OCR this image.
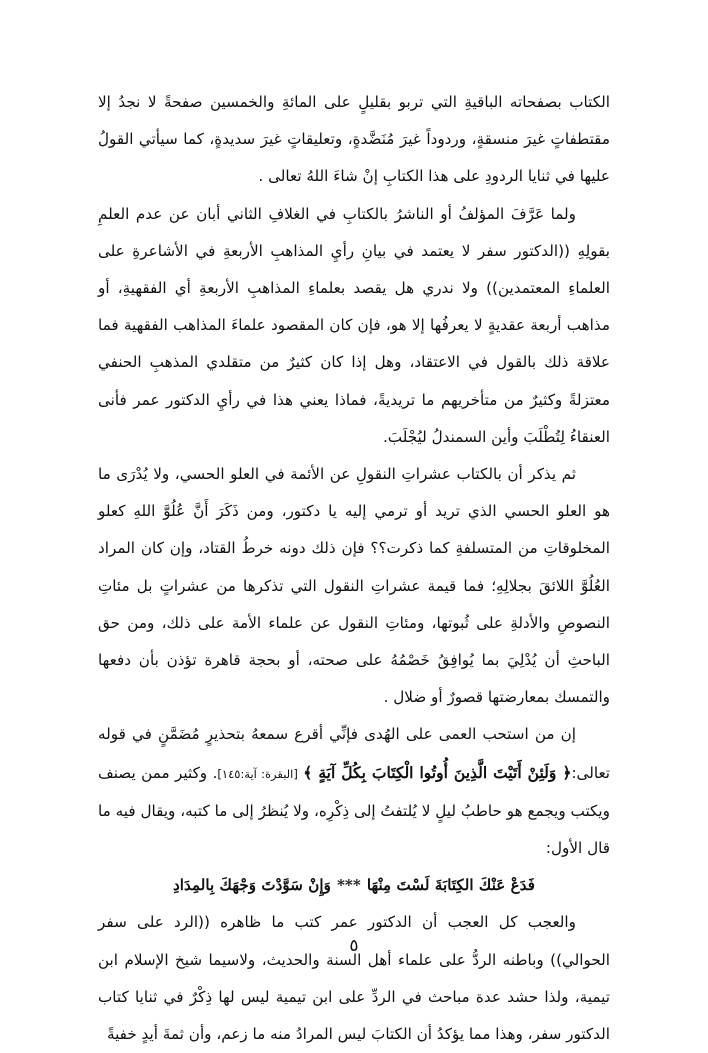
الكتاب بصفحاته الباقيةِ التي تربو بقليلٍ على المائةِ والخمسين صفحةً لا نجدُ إلا مقتطفاتٍ غيرَ منسقةٍ، وردوداً غيرَ مُنَضَّدةٍ، وتعليقاتٍ غيرَ سديدةٍ، كما سيأتي القولُ عليها في ثنايا الردودِ على هذا الكتابِ إنْ شاءَ اللهُ تعالى .

ولما عَرَّفَ المؤلفُ أو الناشرُ بالكتابِ في الغلافِ الثاني أبان عن عدم العلمِ بقولِهِ ((الدكتور سفر لا يعتمد في بيانِ رأيِ المذاهبِ الأربعةِ في الأشاعرةِ على العلماءِ المعتمدين)) ولا ندري هل يقصد بعلماءِ المذاهبِ الأربعةِ أي الفقهيةِ، أو مذاهب أربعة عقديةٍ لا يعرفُها إلا هو، فإن كان المقصود علماءَ المذاهب الفقهية فما علاقة ذلك بالقول في الاعتقاد، وهل إذا كان كثيرٌ من متقلدي المذهبِ الحنفي معتزلةً وكثيرٌ من متأخريهم ما تريديةً، فماذا يعني هذا في رأيِ الدكتور عمر فأنى العنقاءُ لِتُطْلَبَ وأين السمندلُ ليُجْلَبَ.

ثم يذكر أن بالكتاب عشراتِ النقولِ عن الأئمة في العلو الحسي، ولا يُدْرَى ما هو العلو الحسي الذي تريد أو ترمي إليه يا دكتور، ومن ذَكَرَ أَنَّ عُلُوَّ اللهِ كعلو المخلوقاتِ من المتسلفةِ كما ذكرت؟؟ فإن ذلك دونه خرطُ القتاد، وإن كان المراد العُلُوَّ اللائقَ بجلالِهِ؛ فما قيمة عشراتِ النقول التي تذكرها من عشراتٍ بل مئاتِ النصوصِ والأدلةِ على ثُبوتها، ومئاتِ النقول عن علماء الأمة على ذلك، ومن حق الباحثِ أن يُدْلِيَ بما يُوافِقُ خَصْمُهُ على صحته، أو بحجة قاهرة تؤذن بأن دفعها والتمسك بمعارضتها قصورٌ أو ضلال .

إن من استحب العمى على الهُدى فإنِّي أقرع سمعهُ بتحذيرٍ مُضَمَّنٍ في قوله تعالى:﴿ وَلَئِنْ أَتَيْتَ الَّذِينَ أُوتُوا الْكِتَابَ بِكُلِّ آيَةٍ ﴾ [البقرة: آية:١٤٥]. وكثير ممن يصنف ويكتب ويجمع هو حاطبُ ليلٍ لا يُلتفتُ إلى ذِكْرِه، ولا يُنظرُ إلى ما كتبه، ويقال فيه ما قال الأول:

فَدَعْ عَنْكَ الكِتَابَةَ لَسْتَ مِنْهَا***وَإِنْ سَوَّدْتَ وَجْهَكَ بِالمِدَادِ

والعجب كل العجب أن الدكتور عمر كتب ما ظاهره ((الرد على سفر الحوالي)) وباطنه الردُّ على علماء أهل السنة والحديث، ولاسيما شيخ الإسلام ابن تيمية، ولذا حشد عدة مباحث في الردِّ على ابن تيمية ليس لها ذِكْرٌ في ثنايا كتاب الدكتور سفر، وهذا مما يؤكدُ أن الكتابَ ليس المرادُ منه ما زعم، وأن ثمةَ أيدٍ خفيةً

٥
